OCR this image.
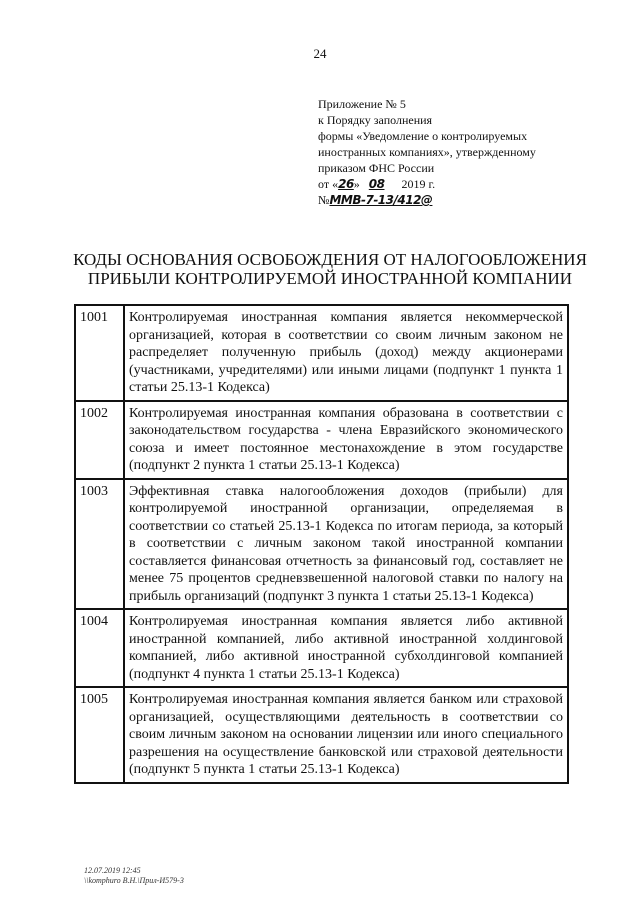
24
Приложение № 5
к Порядку заполнения
формы «Уведомление о контролируемых
иностранных компаниях», утвержденному
приказом ФНС России
от «26» 08 2019 г.
№ММВ-7-13/412@
КОДЫ ОСНОВАНИЯ ОСВОБОЖДЕНИЯ ОТ НАЛОГООБЛОЖЕНИЯ
ПРИБЫЛИ КОНТРОЛИРУЕМОЙ ИНОСТРАННОЙ КОМПАНИИ
1001	Контролируемая иностранная компания является некоммерческой организацией, которая в соответствии со своим личным законом не распределяет полученную прибыль (доход) между акционерами (участниками, учредителями) или иными лицами (подпункт 1 пункта 1 статьи 25.13-1 Кодекса)
1002	Контролируемая иностранная компания образована в соответствии с законодательством государства - члена Евразийского экономического союза и имеет постоянное местонахождение в этом государстве (подпункт 2 пункта 1 статьи 25.13-1 Кодекса)
1003	Эффективная ставка налогообложения доходов (прибыли) для контролируемой иностранной организации, определяемая в соответствии со статьей 25.13-1 Кодекса по итогам периода, за который в соответствии с личным законом такой иностранной компании составляется финансовая отчетность за финансовый год, составляет не менее 75 процентов средневзвешенной налоговой ставки по налогу на прибыль организаций (подпункт 3 пункта 1 статьи 25.13-1 Кодекса)
1004	Контролируемая иностранная компания является либо активной иностранной компанией, либо активной иностранной холдинговой компанией, либо активной иностранной субхолдинговой компанией (подпункт 4 пункта 1 статьи 25.13-1 Кодекса)
1005	Контролируемая иностранная компания является банком или страховой организацией, осуществляющими деятельность в соответствии со своим личным законом на основании лицензии или иного специального разрешения на осуществление банковской или страховой деятельности (подпункт 5 пункта 1 статьи 25.13-1 Кодекса)
12.07.2019 12:45
\\komphuro В.Н.\Прил-И579-3
